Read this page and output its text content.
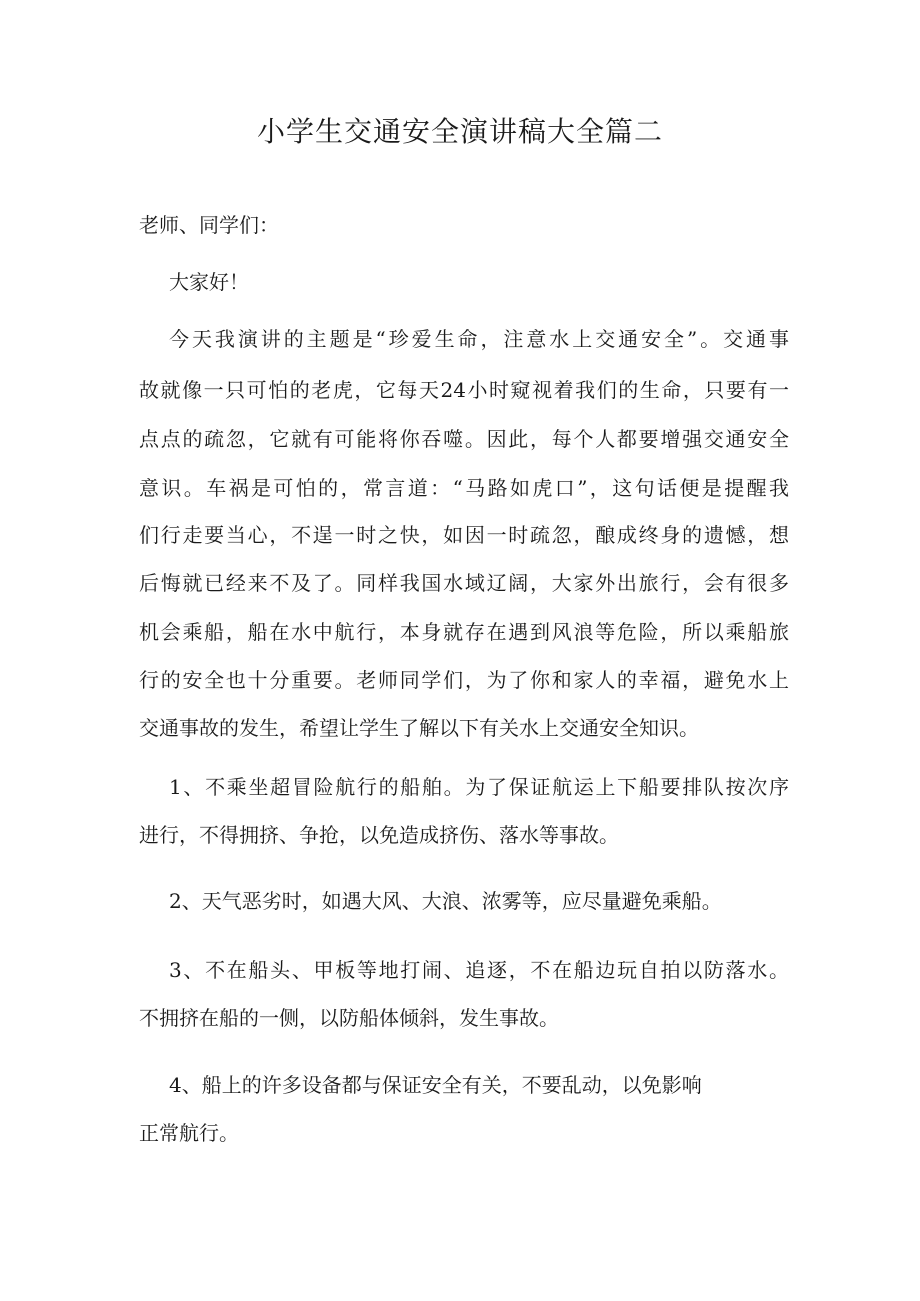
小学生交通安全演讲稿大全篇二

老师、同学们：

大家好！

今天我演讲的主题是“珍爱生命，注意水上交通安全”。交通事

故就像一只可怕的老虎，它每天24小时窥视着我们的生命，只要有一

点点的疏忽，它就有可能将你吞噬。因此，每个人都要增强交通安全

意识。车祸是可怕的，常言道：“马路如虎口”，这句话便是提醒我

们行走要当心，不逞一时之快，如因一时疏忽，酿成终身的遗憾，想

后悔就已经来不及了。同样我国水域辽阔，大家外出旅行，会有很多

机会乘船，船在水中航行，本身就存在遇到风浪等危险，所以乘船旅

行的安全也十分重要。老师同学们，为了你和家人的幸福，避免水上

交通事故的发生，希望让学生了解以下有关水上交通安全知识。

1、不乘坐超冒险航行的船舶。为了保证航运上下船要排队按次序

进行，不得拥挤、争抢，以免造成挤伤、落水等事故。

2、天气恶劣时，如遇大风、大浪、浓雾等，应尽量避免乘船。

3、不在船头、甲板等地打闹、追逐，不在船边玩自拍以防落水。

不拥挤在船的一侧，以防船体倾斜，发生事故。

4、船上的许多设备都与保证安全有关，不要乱动，以免影响

正常航行。
